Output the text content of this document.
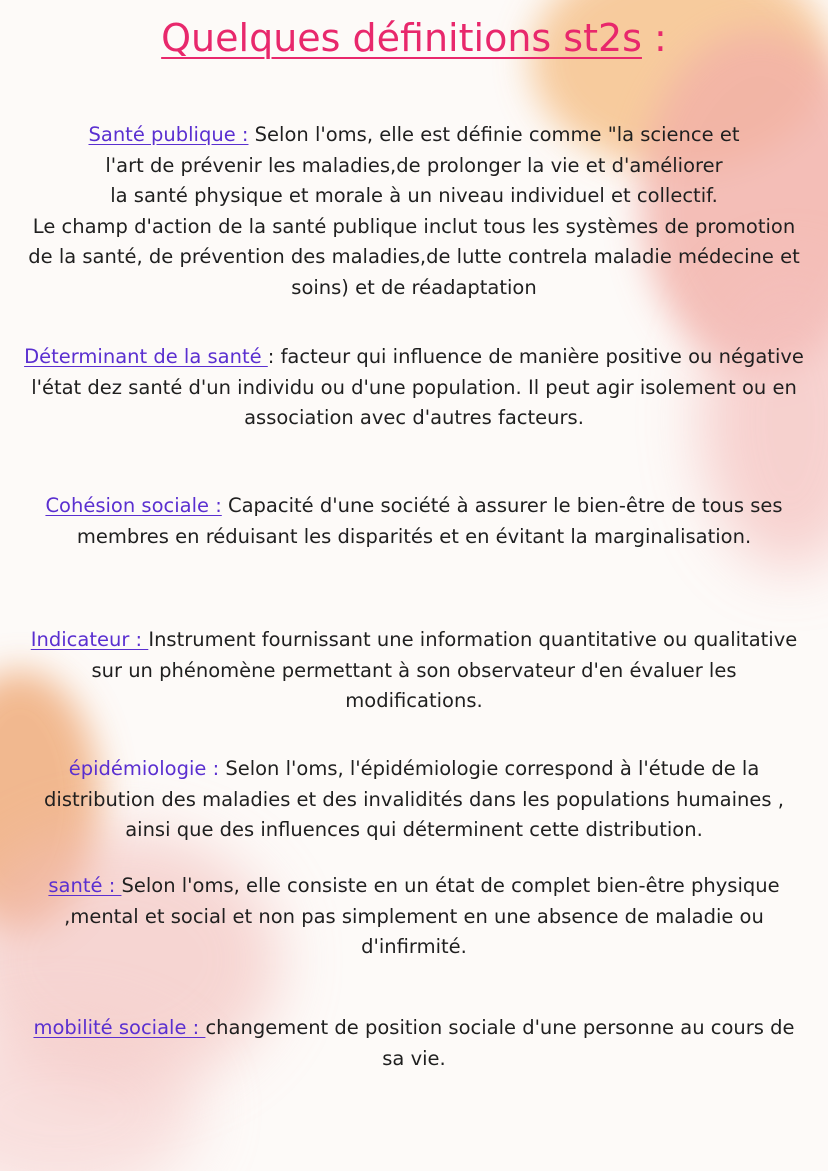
Quelques définitions st2s :
Santé publique : Selon l'oms, elle est définie comme "la science et
l'art de prévenir les maladies,de prolonger la vie et d'améliorer
la santé physique et morale à un niveau individuel et collectif.
Le champ d'action de la santé publique inclut tous les systèmes de promotion
de la santé, de prévention des maladies,de lutte contrela maladie médecine et
soins) et de réadaptation
Déterminant de la santé : facteur qui influence de manière positive ou négative
l'état dez santé d'un individu ou d'une population. Il peut agir isolement ou en
association avec d'autres facteurs.
Cohésion sociale : Capacité d'une société à assurer le bien-être de tous ses
membres en réduisant les disparités et en évitant la marginalisation.
Indicateur : Instrument fournissant une information quantitative ou qualitative
sur un phénomène permettant à son observateur d'en évaluer les
modifications.
épidémiologie : Selon l'oms, l'épidémiologie correspond à l'étude de la
distribution des maladies et des invalidités dans les populations humaines ,
ainsi que des influences qui déterminent cette distribution.
santé : Selon l'oms, elle consiste en un état de complet bien-être physique
,mental et social et non pas simplement en une absence de maladie ou
d'infirmité.
mobilité sociale : changement de position sociale d'une personne au cours de
sa vie.
